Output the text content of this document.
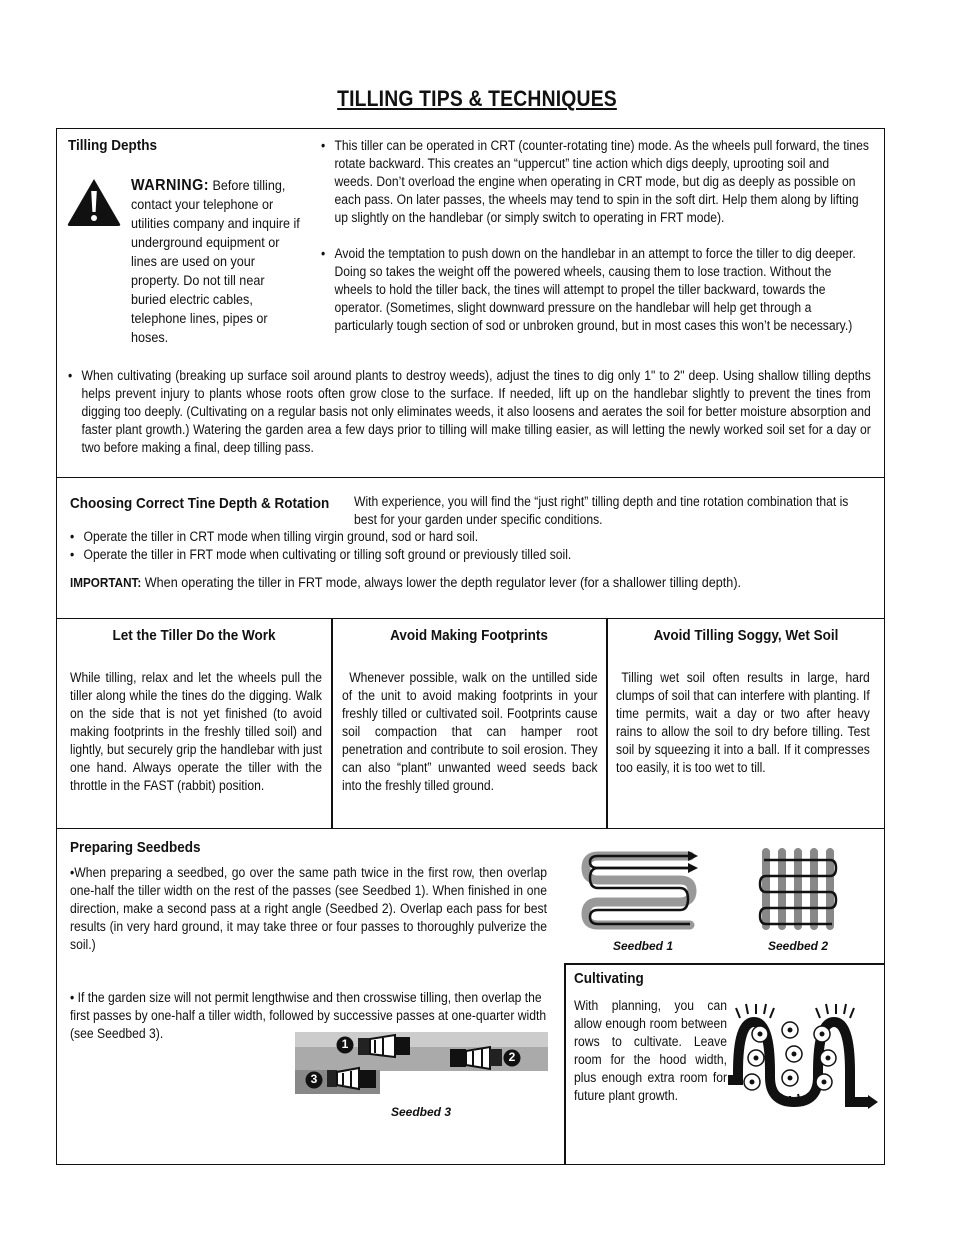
TILLING TIPS & TECHNIQUES
Tilling Depths
WARNING: Before tilling, contact your telephone or utilities company and inquire if underground equipment or lines are used on your property. Do not till near buried electric cables, telephone lines, pipes or hoses.
• This tiller can be operated in CRT (counter-rotating tine) mode. As the wheels pull forward, the tines rotate backward. This creates an “uppercut” tine action which digs deeply, uprooting soil and weeds. Don’t overload the engine when operating in CRT mode, but dig as deeply as possible on each pass. On later passes, the wheels may tend to spin in the soft dirt. Help them along by lifting up slightly on the handlebar (or simply switch to operating in FRT mode).
• Avoid the temptation to push down on the handlebar in an attempt to force the tiller to dig deeper. Doing so takes the weight off the powered wheels, causing them to lose traction. Without the wheels to hold the tiller back, the tines will attempt to propel the tiller backward, towards the operator. (Sometimes, slight downward pressure on the handlebar will help get through a particularly tough section of sod or unbroken ground, but in most cases this won’t be necessary.)
• When cultivating (breaking up surface soil around plants to destroy weeds), adjust the tines to dig only 1" to 2" deep. Using shallow tilling depths helps prevent injury to plants whose roots often grow close to the surface. If needed, lift up on the handlebar slightly to prevent the tines from digging too deeply. (Cultivating on a regular basis not only eliminates weeds, it also loosens and aerates the soil for better moisture absorption and faster plant growth.) Watering the garden area a few days prior to tilling will make tilling easier, as will letting the newly worked soil set for a day or two before making a final, deep tilling pass.
Choosing Correct Tine Depth & Rotation With experience, you will find the “just right” tilling depth and tine rotation combination that is best for your garden under specific conditions.
• Operate the tiller in CRT mode when tilling virgin ground, sod or hard soil.
• Operate the tiller in FRT mode when cultivating or tilling soft ground or previously tilled soil.
IMPORTANT: When operating the tiller in FRT mode, always lower the depth regulator lever (for a shallower tilling depth).
Let the Tiller Do the Work
While tilling, relax and let the wheels pull the tiller along while the tines do the digging. Walk on the side that is not yet finished (to avoid making footprints in the freshly tilled soil) and lightly, but securely grip the handlebar with just one hand. Always operate the tiller with the throttle in the FAST (rabbit) position.
Avoid Making Footprints
Whenever possible, walk on the untilled side of the unit to avoid making footprints in your freshly tilled or cultivated soil. Footprints cause soil compaction that can hamper root penetration and contribute to soil erosion. They can also “plant” unwanted weed seeds back into the freshly tilled ground.
Avoid Tilling Soggy, Wet Soil
Tilling wet soil often results in large, hard clumps of soil that can interfere with planting. If time permits, wait a day or two after heavy rains to allow the soil to dry before tilling. Test soil by squeezing it into a ball. If it compresses too easily, it is too wet to till.
Preparing Seedbeds
•When preparing a seedbed, go over the same path twice in the first row, then overlap one-half the tiller width on the rest of the passes (see Seedbed 1). When finished in one direction, make a second pass at a right angle (Seedbed 2). Overlap each pass for best results (in very hard ground, it may take three or four passes to thoroughly pulverize the soil.)
• If the garden size will not permit lengthwise and then crosswise tilling, then overlap the first passes by one-half a tiller width, followed by successive passes at one-quarter width (see Seedbed 3).
Seedbed 1	Seedbed 2
1
2
3
Seedbed 3
Cultivating
With planning, you can allow enough room between rows to cultivate. Leave room for the hood width, plus enough extra room for future plant growth.
